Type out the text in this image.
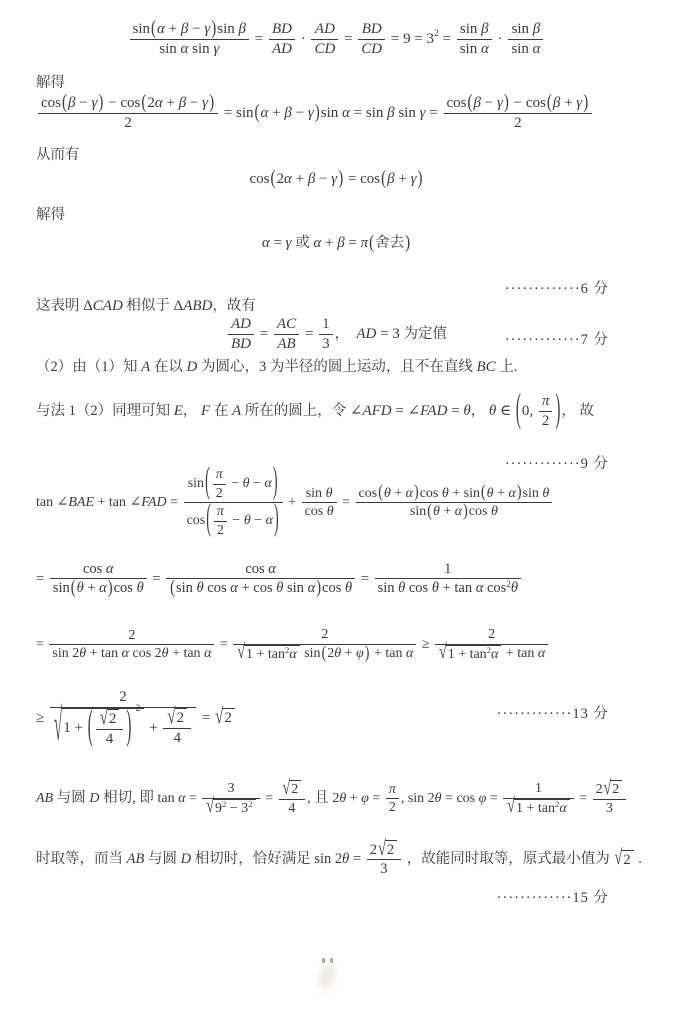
$\frac{\text{sin ( α + β − γ ) sin β}}{\text{sin α sin γ}} = \frac{BD}{AD} \cdot \frac{AD}{CD} = \frac{BD}{CD} = 9 = 3$ $2 = \frac{\text{sin β}}{\text{sin α}} \cdot \frac{\text{sin β}}{\text{sin α}}$
解得
$\frac{\cos ( \beta - \gamma ) - \cos ( 2 \alpha + \beta - \gamma )}{2} = \sin$ ( α + β − γ ) sin α = sin β $\sin \gamma = \frac{\cos ( \beta - \gamma ) - \cos ( \beta + \gamma )}{2}$
从而有
cos ( 2 α + β − γ ) = cos ( β + γ )
解得
α = γ 或 α + β = π ( 舍去 )
·············6 分
这表明 Δ CAD 相似于 Δ ABD ，故有
$\frac{AD}{BD} = \frac{AC}{AB} = \frac{1}{3}$ ， AD = 3 为定值	·············7 分
（2）由（1）知 A 在以 D 为圆心，3 为半径的圆上运动，且不在直线 BC 上.
与法 1（2）同理可知 E ， F 在 A 所在的圆上，令 ∠ AFD = ∠ FAD = θ ， θ ∈ ( 0, $\frac{\pi}{2}$ ) ， 故
·············9 分
tan ∠ BAE + tan ∠ FAD = $\frac{\sin ( \frac{\pi}{2} - \theta - \alpha )}{\cos ( \frac{\pi}{2} - \theta - \alpha )} + \frac{\text{sin θ}}{\text{cos θ}} = \frac{\text{cos ( θ + α ) cos θ + sin ( θ + α ) sin θ}}{\text{sin ( θ + α ) cos θ}}$
= $\frac{\text{cos α}}{\text{sin ( θ + α ) cos θ}} = \frac{\text{cos α}}{\text{( sin θ cos α + cos θ sin α ) cos θ}} = \frac{1}{\text{sin θ cos θ + tan α cos 2 θ}}$
= $\frac{2}{\text{sin 2 θ + tan α cos 2 θ + tan α}} = \frac{2}{\text{√ 1 + tan 2 α sin ( 2 θ + φ ) + tan α}} \ge \frac{2}{\text{√ 1 + tan 2 α + tan α}}$
≥ 2
√ 1 + ( $\frac{√ 2}{4}$ ) 2
+ $\frac{√ 2}{4}$ = √ 2	·············13 分
AB 与圆 D 相切, 即 $\tan \alpha = \frac{3}{√ 9 2 - 3 2} = \frac{√ 2}{4}$ , 且 2 $\theta + \varphi = \frac{\pi}{2}$ , sin 2 $\theta = \cos \varphi = \frac{1}{√ 1 + \tan 2 \alpha} = \frac{2 √ 2}{3}$
时取等，而当 AB 与圆 D 相切时，恰好满足 sin 2 $\theta = \frac{2 √ 2}{3}$ ，故能同时取等，原式最小值为 √ 2 .
·············15 分
